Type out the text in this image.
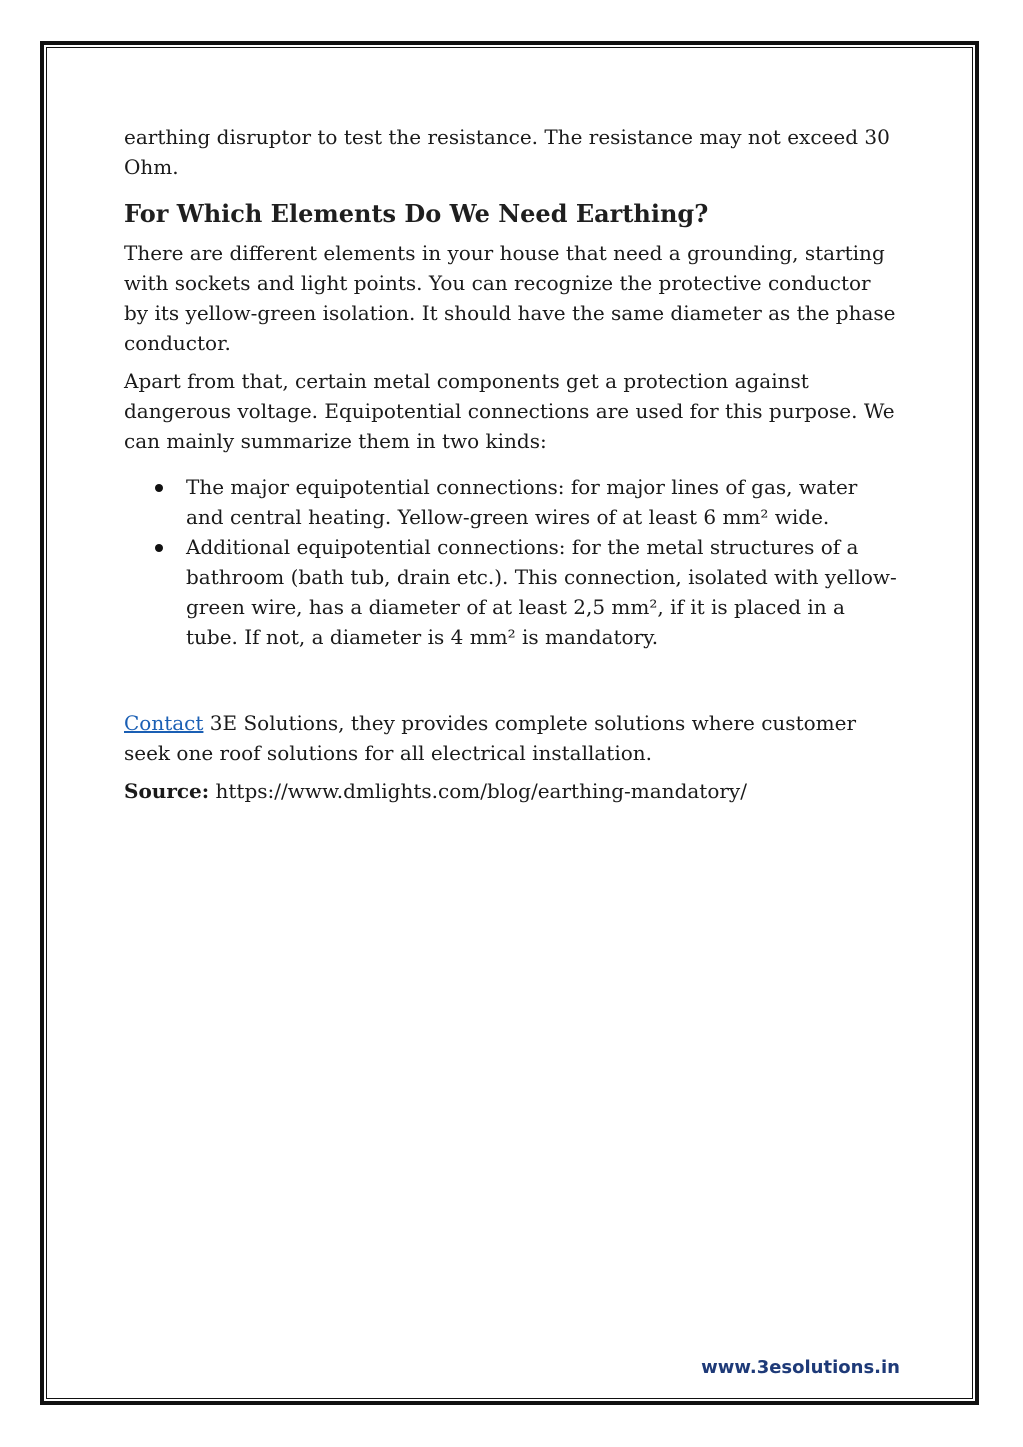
earthing disruptor to test the resistance. The resistance may not exceed 30
Ohm.

For Which Elements Do We Need Earthing?

There are different elements in your house that need a grounding, starting with sockets and light points. You can recognize the protective conductor by its yellow-green isolation. It should have the same diameter as the phase conductor.

Apart from that, certain metal components get a protection against dangerous voltage. Equipotential connections are used for this purpose. We can mainly summarize them in two kinds:

The major equipotential connections: for major lines of gas, water and central heating. Yellow-green wires of at least 6 mm² wide.
Additional equipotential connections: for the metal structures of a bathroom (bath tub, drain etc.). This connection, isolated with yellow-green wire, has a diameter of at least 2,5 mm², if it is placed in a tube. If not, a diameter is 4 mm² is mandatory.

Contact 3E Solutions, they provides complete solutions where customer seek one roof solutions for all electrical installation.

Source: https://www.dmlights.com/blog/earthing-mandatory/

www.3esolutions.in
